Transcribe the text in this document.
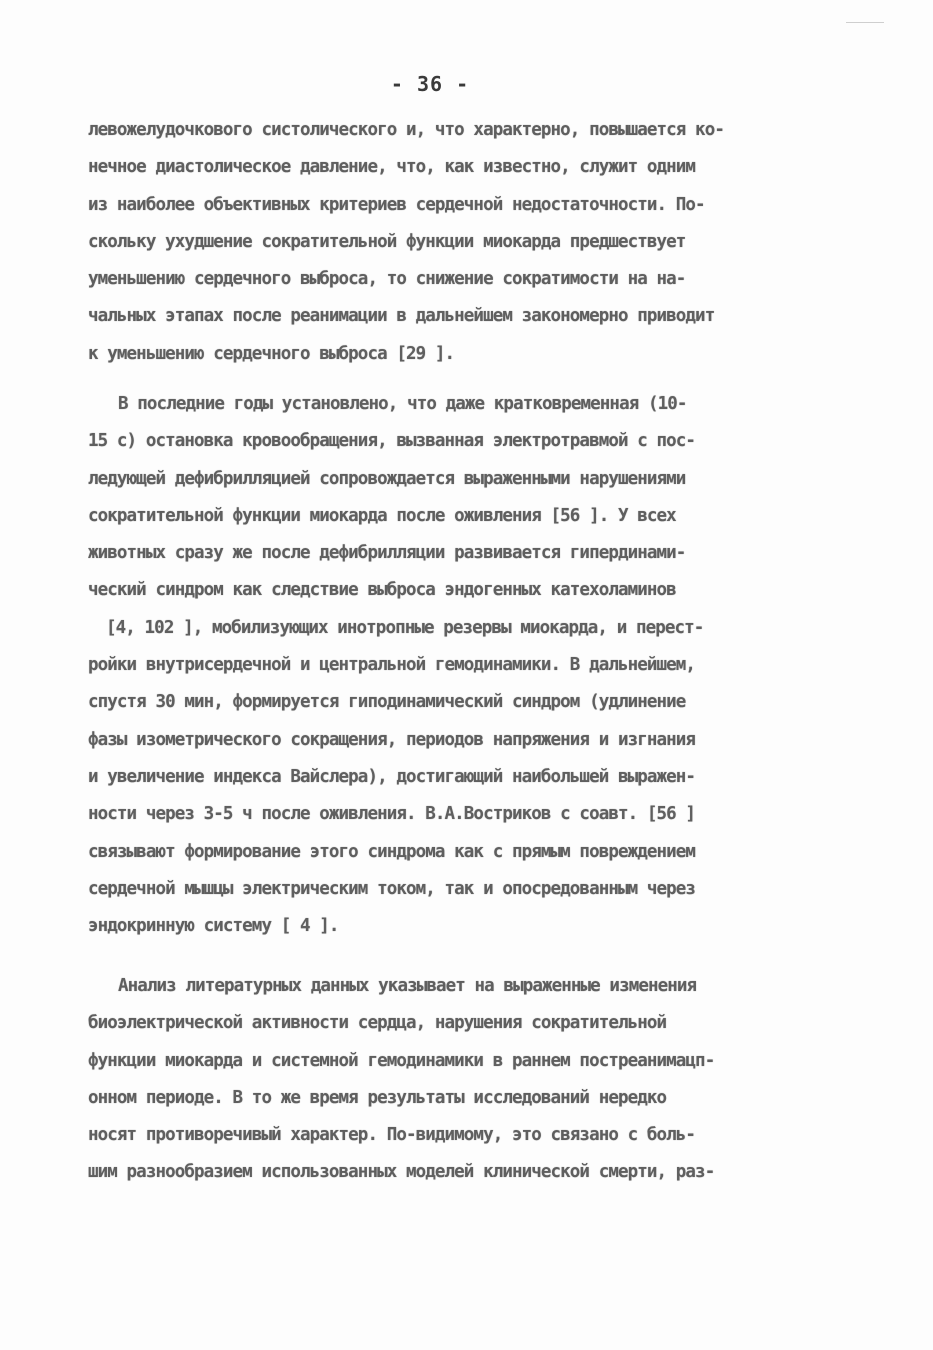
- 36 -
левожелудочкового систолического и, что характерно, повышается ко-
нечное диастолическое давление, что, как известно, служит одним
из наиболее объективных критериев сердечной недостаточности. По-
скольку ухудшение сократительной функции миокарда предшествует
уменьшению сердечного выброса, то снижение сократимости на на-
чальных этапах после реанимации в дальнейшем закономерно приводит
к уменьшению сердечного выброса [29 ].
В последние годы установлено, что даже кратковременная (10-
15 с) остановка кровообращения, вызванная электротравмой с пос-
ледующей дефибрилляцией сопровождается выраженными нарушениями
сократительной функции миокарда после оживления [56 ]. У всех
животных сразу же после дефибрилляции развивается гипердинами-
ческий синдром как следствие выброса эндогенных катехоламинов
[4, 102 ], мобилизующих инотропные резервы миокарда, и перест-
ройки внутрисердечной и центральной гемодинамики. В дальнейшем,
спустя 30 мин, формируется гиподинамический синдром (удлинение
фазы изометрического сокращения, периодов напряжения и изгнания
и увеличение индекса Вайслера), достигающий наибольшей выражен-
ности через 3-5 ч после оживления. В.А.Востриков с соавт. [56 ]
связывают формирование этого синдрома как с прямым повреждением
сердечной мышцы электрическим током, так и опосредованным через
эндокринную систему [ 4 ].
Анализ литературных данных указывает на выраженные изменения
биоэлектрической активности сердца, нарушения сократительной
функции миокарда и системной гемодинамики в раннем постреанимацп-
онном периоде. В то же время результаты исследований нередко
носят противоречивый характер. По-видимому, это связано с боль-
шим разнообразием использованных моделей клинической смерти, раз-
